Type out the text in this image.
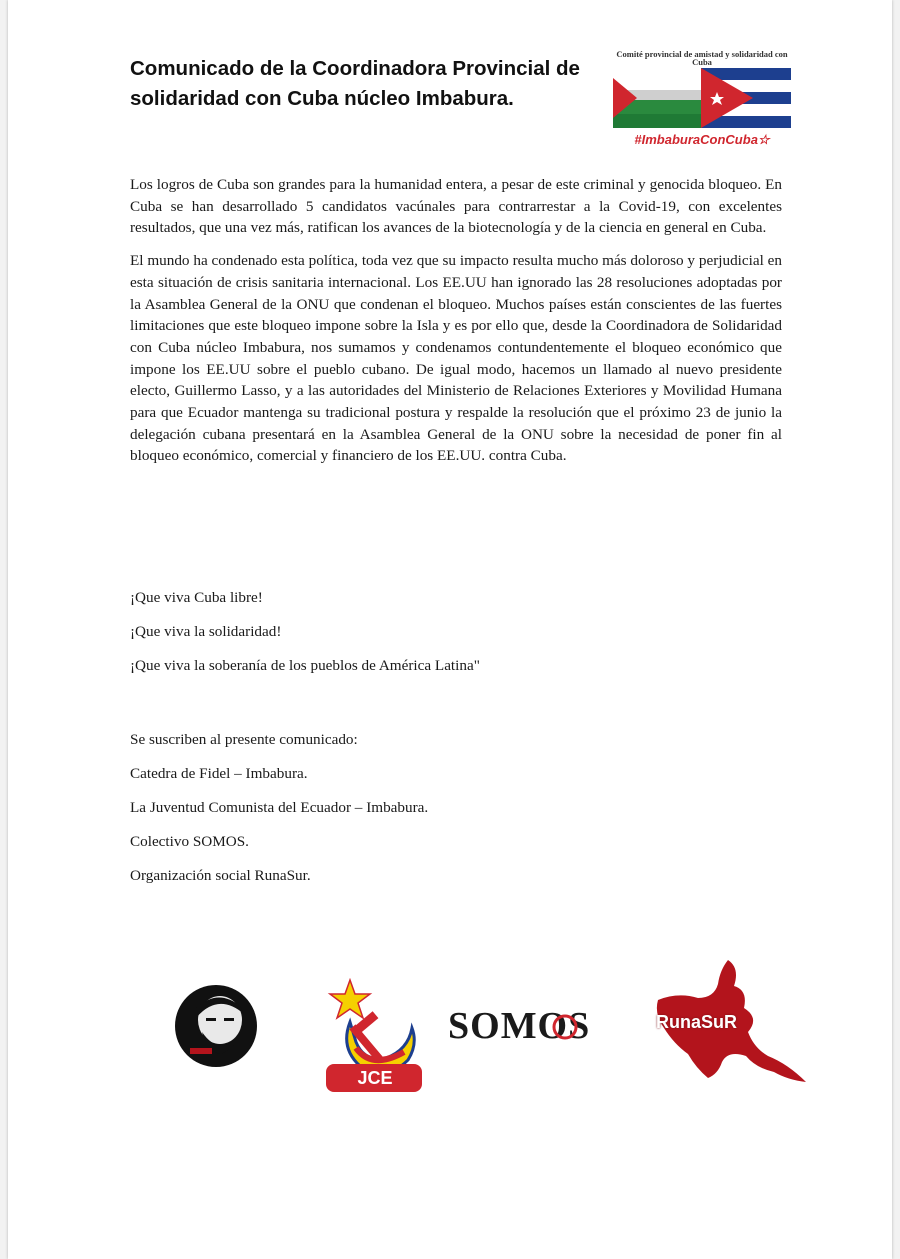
Comunicado de la Coordinadora Provincial de solidaridad con Cuba núcleo Imbabura.
Comité provincial de amistad y solidaridad con Cuba
#ImbaburaConCuba☆

Los logros de Cuba son grandes para la humanidad entera, a pesar de este criminal y genocida bloqueo. En Cuba se han desarrollado 5 candidatos vacúnales para contrarrestar a la Covid-19, con excelentes resultados, que una vez más, ratifican los avances de la biotecnología y de la ciencia en general en Cuba.

El mundo ha condenado esta política, toda vez que su impacto resulta mucho más doloroso y perjudicial en esta situación de crisis sanitaria internacional. Los EE.UU han ignorado las 28 resoluciones adoptadas por la Asamblea General de la ONU que condenan el bloqueo. Muchos países están conscientes de las fuertes limitaciones que este bloqueo impone sobre la Isla y es por ello que, desde la Coordinadora de Solidaridad con Cuba núcleo Imbabura, nos sumamos y condenamos contundentemente el bloqueo económico que impone los EE.UU sobre el pueblo cubano. De igual modo, hacemos un llamado al nuevo presidente electo, Guillermo Lasso, y a las autoridades del Ministerio de Relaciones Exteriores y Movilidad Humana para que Ecuador mantenga su tradicional postura y respalde la resolución que el próximo 23 de junio la delegación cubana presentará en la Asamblea General de la ONU sobre la necesidad de poner fin al bloqueo económico, comercial y financiero de los EE.UU. contra Cuba.

¡Que viva Cuba libre!

¡Que viva la solidaridad!

¡Que viva la soberanía de los pueblos de América Latina"

Se suscriben al presente comunicado:

Catedra de Fidel – Imbabura.

La Juventud Comunista del Ecuador – Imbabura.

Colectivo SOMOS.

Organización social RunaSur.

JCE
SOMOS	RunaSuR
